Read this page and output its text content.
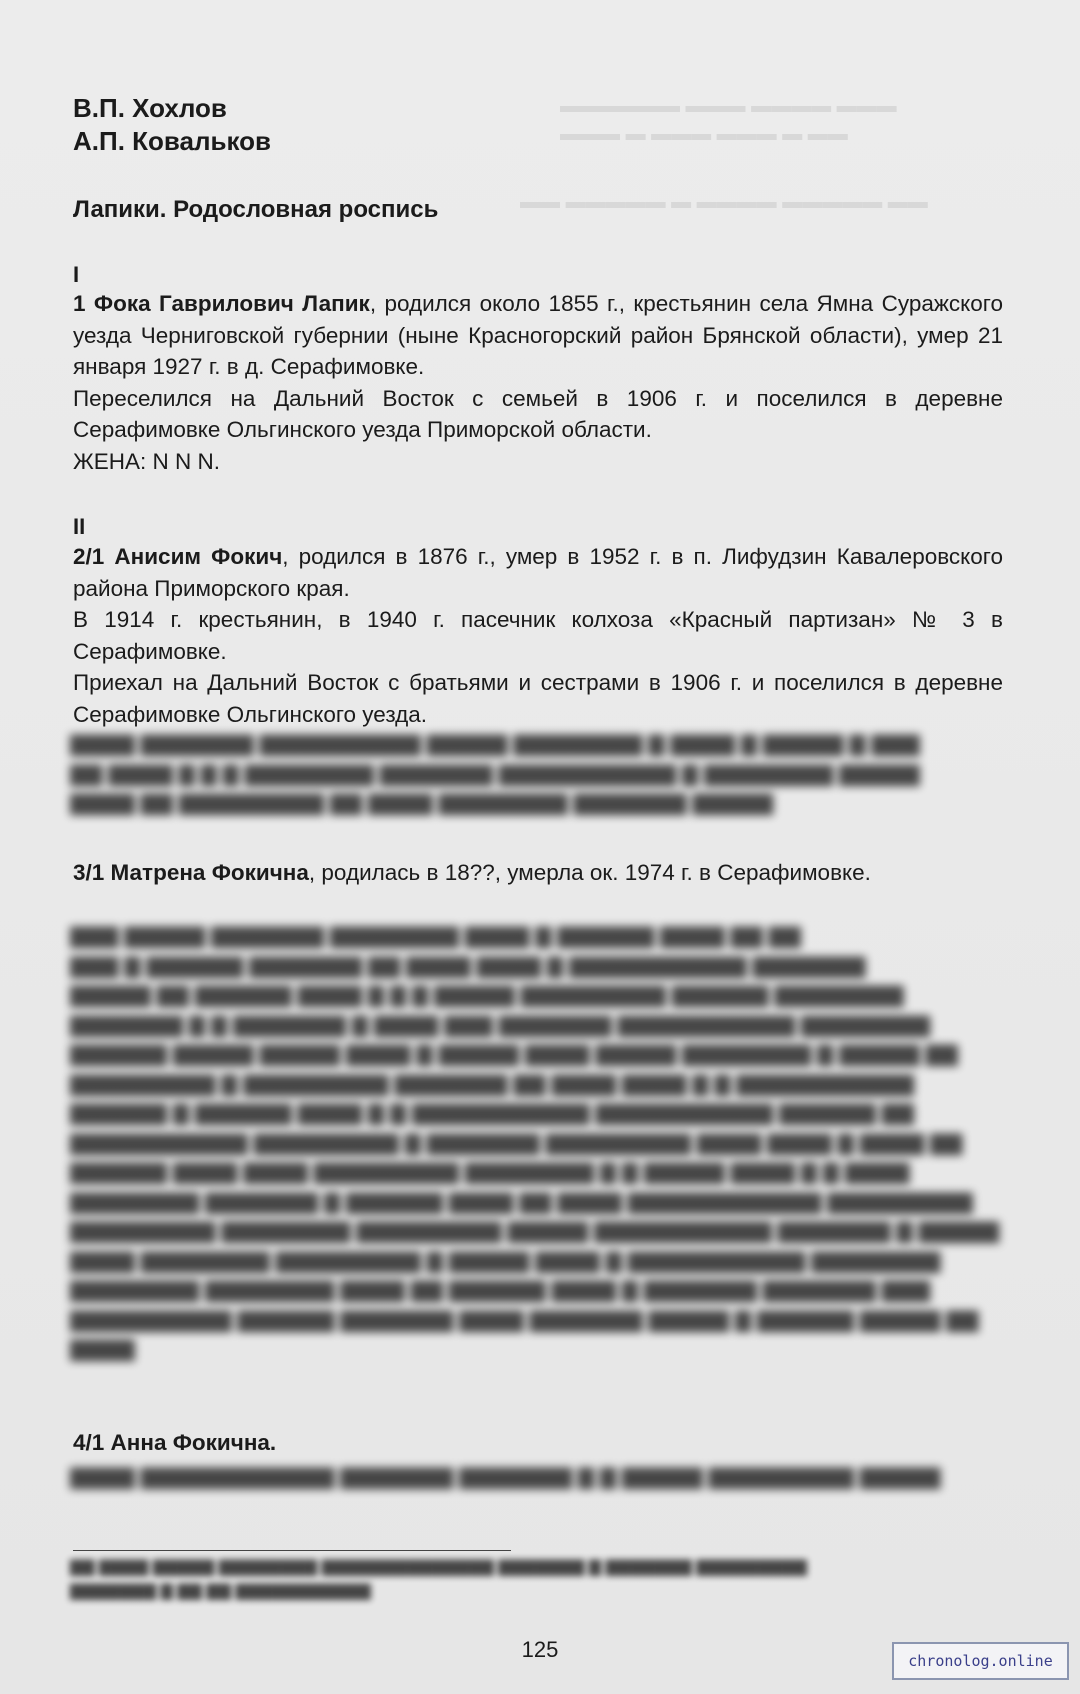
▬▬▬ ▬▬▬▬ ▬▬▬ ▬▬▬▬▬▬
▬▬ ▬ ▬▬▬ ▬▬▬ ▬ ▬▬▬
▬▬ ▬▬▬▬▬ ▬▬▬▬ ▬ ▬▬▬▬▬ ▬▬
В.П. Хохлов
А.П. Ковальков
Лапики. Родословная роспись
I

1 Фока Гаврилович Лапик, родился около 1855 г., крестьянин села Ямна Суражского уезда Черниговской губернии (ныне Красногорский район Брянской области), умер 21 января 1927 г. в д. Серафимовке.

Переселился на Дальний Восток с семьей в 1906 г. и поселился в деревне Серафимовке Ольгинского уезда Приморской области.

ЖЕНА: N N N.

II

2/1 Анисим Фокич, родился в 1876 г., умер в 1952 г. в п. Лифудзин Кавалеровского района Приморского края.

В 1914 г. крестьянин, в 1940 г. пасечник колхоза «Красный партизан» № 3 в Серафимовке.

Приехал на Дальний Восток с братьями и сестрами в 1906 г. и поселился в деревне Серафимовке Ольгинского уезда.

▇▇▇▇ ▇▇▇▇▇▇▇ ▇▇▇▇▇▇▇▇▇▇ ▇▇▇▇▇ ▇▇▇▇▇▇▇▇ ▇ ▇▇▇▇ ▇ ▇▇▇▇▇ ▇ ▇▇▇

▇▇ ▇▇▇▇ ▇ ▇ ▇ ▇▇▇▇▇▇▇▇ ▇▇▇▇▇▇▇ ▇▇▇▇▇▇▇▇▇▇▇ ▇ ▇▇▇▇▇▇▇▇ ▇▇▇▇▇

▇▇▇▇ ▇▇ ▇▇▇▇▇▇▇▇▇ ▇▇ ▇▇▇▇ ▇▇▇▇▇▇▇▇ ▇▇▇▇▇▇▇ ▇▇▇▇▇

3/1 Матрена Фокична, родилась в 18??, умерла ок. 1974 г. в Серафимовке.

▇▇▇ ▇▇▇▇▇ ▇▇▇▇▇▇▇ ▇▇▇▇▇▇▇▇ ▇▇▇▇ ▇ ▇▇▇▇▇▇ ▇▇▇▇ ▇▇ ▇▇

▇▇▇ ▇ ▇▇▇▇▇▇ ▇▇▇▇▇▇▇ ▇▇ ▇▇▇▇ ▇▇▇▇ ▇ ▇▇▇▇▇▇▇▇▇▇▇ ▇▇▇▇▇▇▇

▇▇▇▇▇ ▇▇ ▇▇▇▇▇▇ ▇▇▇▇ ▇ ▇ ▇ ▇▇▇▇▇ ▇▇▇▇▇▇▇▇▇ ▇▇▇▇▇▇ ▇▇▇▇▇▇▇▇

▇▇▇▇▇▇▇ ▇ ▇ ▇▇▇▇▇▇▇ ▇ ▇▇▇▇ ▇▇▇ ▇▇▇▇▇▇▇ ▇▇▇▇▇▇▇▇▇▇▇ ▇▇▇▇▇▇▇▇

▇▇▇▇▇▇ ▇▇▇▇▇ ▇▇▇▇▇ ▇▇▇▇ ▇ ▇▇▇▇▇ ▇▇▇▇ ▇▇▇▇▇ ▇▇▇▇▇▇▇▇ ▇ ▇▇▇▇▇ ▇▇

▇▇▇▇▇▇▇▇▇ ▇ ▇▇▇▇▇▇▇▇▇ ▇▇▇▇▇▇▇ ▇▇ ▇▇▇▇ ▇▇▇▇ ▇ ▇ ▇▇▇▇▇▇▇▇▇▇▇

▇▇▇▇▇▇ ▇ ▇▇▇▇▇▇ ▇▇▇▇ ▇ ▇ ▇▇▇▇▇▇▇▇▇▇▇ ▇▇▇▇▇▇▇▇▇▇▇ ▇▇▇▇▇▇ ▇▇

▇▇▇▇▇▇▇▇▇▇▇ ▇▇▇▇▇▇▇▇▇ ▇ ▇▇▇▇▇▇▇ ▇▇▇▇▇▇▇▇▇ ▇▇▇▇ ▇▇▇▇ ▇ ▇▇▇▇ ▇▇

▇▇▇▇▇▇ ▇▇▇▇ ▇▇▇▇ ▇▇▇▇▇▇▇▇▇ ▇▇▇▇▇▇▇▇ ▇ ▇ ▇▇▇▇▇ ▇▇▇▇ ▇ ▇ ▇▇▇▇

▇▇▇▇▇▇▇▇ ▇▇▇▇▇▇▇ ▇ ▇▇▇▇▇▇ ▇▇▇▇ ▇▇ ▇▇▇▇ ▇▇▇▇▇▇▇▇▇▇▇▇ ▇▇▇▇▇▇▇▇▇

▇▇▇▇▇▇▇▇▇ ▇▇▇▇▇▇▇▇ ▇▇▇▇▇▇▇▇▇ ▇▇▇▇▇ ▇▇▇▇▇▇▇▇▇▇▇ ▇▇▇▇▇▇▇ ▇ ▇▇▇▇▇

▇▇▇▇ ▇▇▇▇▇▇▇▇ ▇▇▇▇▇▇▇▇▇ ▇ ▇▇▇▇▇ ▇▇▇▇ ▇ ▇▇▇▇▇▇▇▇▇▇▇ ▇▇▇▇▇▇▇▇

▇▇▇▇▇▇▇▇ ▇▇▇▇▇▇▇▇ ▇▇▇▇ ▇▇ ▇▇▇▇▇▇ ▇▇▇▇ ▇ ▇▇▇▇▇▇▇ ▇▇▇▇▇▇▇ ▇▇▇

▇▇▇▇▇▇▇▇▇▇ ▇▇▇▇▇▇ ▇▇▇▇▇▇▇ ▇▇▇▇ ▇▇▇▇▇▇▇ ▇▇▇▇▇ ▇ ▇▇▇▇▇▇ ▇▇▇▇▇ ▇▇

▇▇▇▇

4/1 Анна Фокична.

▇▇▇▇ ▇▇▇▇▇▇▇▇▇▇▇▇ ▇▇▇▇▇▇▇ ▇▇▇▇▇▇▇ ▇ ▇ ▇▇▇▇▇ ▇▇▇▇▇▇▇▇▇ ▇▇▇▇▇

▇▇ ▇▇▇▇ ▇▇▇▇▇ ▇▇▇▇▇▇▇▇ ▇▇▇▇▇▇▇▇▇▇▇▇▇▇ ▇▇▇▇▇▇▇ ▇ ▇▇▇▇▇▇▇ ▇▇▇▇▇▇▇▇▇

▇▇▇▇▇▇▇ ▇ ▇▇ ▇▇ ▇▇▇▇▇▇▇▇▇▇▇

125	chronolog.online
